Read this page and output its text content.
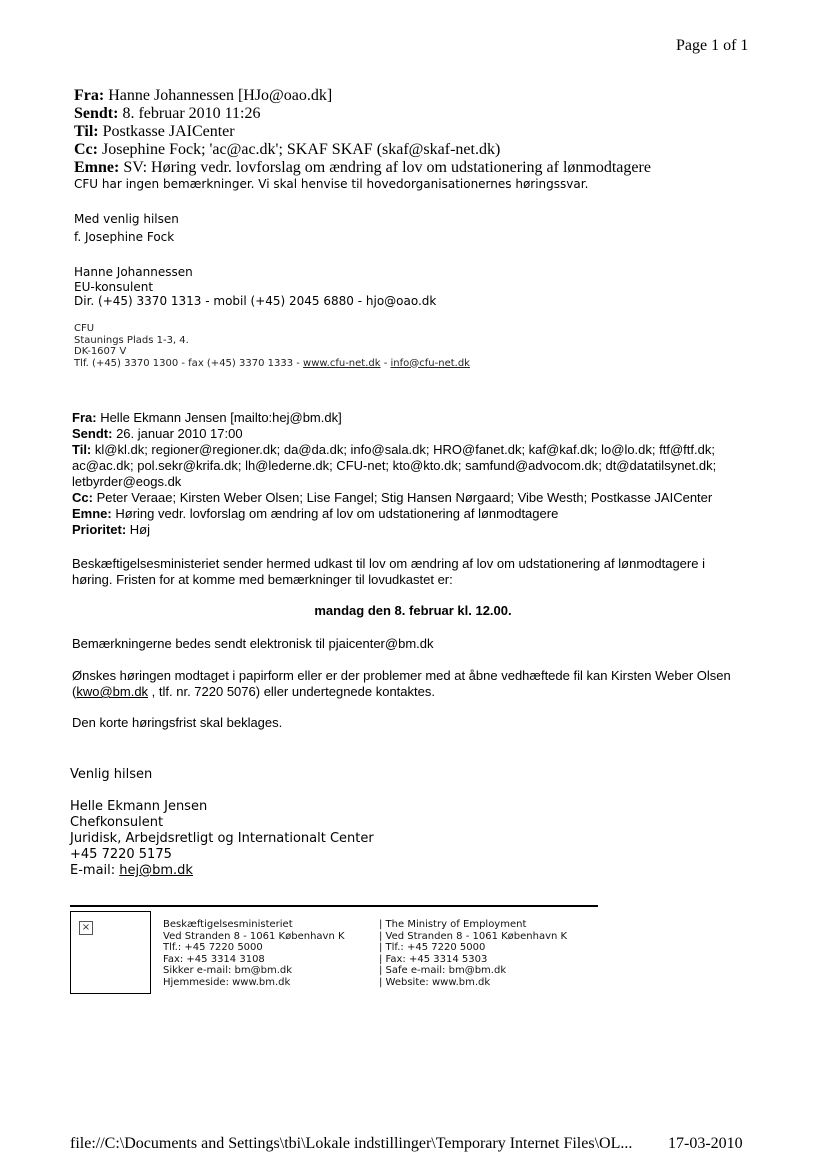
Page 1 of 1
Fra: Hanne Johannessen [HJo@oao.dk]
Sendt: 8. februar 2010 11:26
Til: Postkasse JAICenter
Cc: Josephine Fock; 'ac@ac.dk'; SKAF SKAF (skaf@skaf-net.dk)
Emne: SV: Høring vedr. lovforslag om ændring af lov om udstationering af lønmodtagere
CFU har ingen bemærkninger. Vi skal henvise til hovedorganisationernes høringssvar.
Med venlig hilsen
f. Josephine Fock
Hanne Johannessen
EU-konsulent
Dir. (+45) 3370 1313 - mobil (+45) 2045 6880 - hjo@oao.dk
CFU
Staunings Plads 1-3, 4.
DK-1607 V
Tlf. (+45) 3370 1300 - fax (+45) 3370 1333 - www.cfu-net.dk - info@cfu-net.dk
Fra: Helle Ekmann Jensen [mailto:hej@bm.dk]
Sendt: 26. januar 2010 17:00
Til: kl@kl.dk; regioner@regioner.dk; da@da.dk; info@sala.dk; HRO@fanet.dk; kaf@kaf.dk; lo@lo.dk; ftf@ftf.dk;
ac@ac.dk; pol.sekr@krifa.dk; lh@lederne.dk; CFU-net; kto@kto.dk; samfund@advocom.dk; dt@datatilsynet.dk;
letbyrder@eogs.dk
Cc: Peter Veraae; Kirsten Weber Olsen; Lise Fangel; Stig Hansen Nørgaard; Vibe Westh; Postkasse JAICenter
Emne: Høring vedr. lovforslag om ændring af lov om udstationering af lønmodtagere
Prioritet: Høj
Beskæftigelsesministeriet sender hermed udkast til lov om ændring af lov om udstationering af lønmodtagere i
høring. Fristen for at komme med bemærkninger til lovudkastet er:
mandag den 8. februar kl. 12.00.
Bemærkningerne bedes sendt elektronisk til pjaicenter@bm.dk
Ønskes høringen modtaget i papirform eller er der problemer med at åbne vedhæftede fil kan Kirsten Weber Olsen
(kwo@bm.dk , tlf. nr. 7220 5076) eller undertegnede kontaktes.
Den korte høringsfrist skal beklages.
Venlig hilsen
Helle Ekmann Jensen
Chefkonsulent
Juridisk, Arbejdsretligt og Internationalt Center
+45 7220 5175
E-mail: hej@bm.dk
×	Beskæftigelsesministeriet
Ved Stranden 8 - 1061 København K
Tlf.: +45 7220 5000
Fax: +45 3314 3108
Sikker e-mail: bm@bm.dk
Hjemmeside: www.bm.dk
| The Ministry of Employment
| Ved Stranden 8 - 1061 København K
| Tlf.: +45 7220 5000
| Fax: +45 3314 5303
| Safe e-mail: bm@bm.dk
| Website: www.bm.dk
file://C:\Documents and Settings\tbi\Lokale indstillinger\Temporary Internet Files\OL... 17-03-2010
